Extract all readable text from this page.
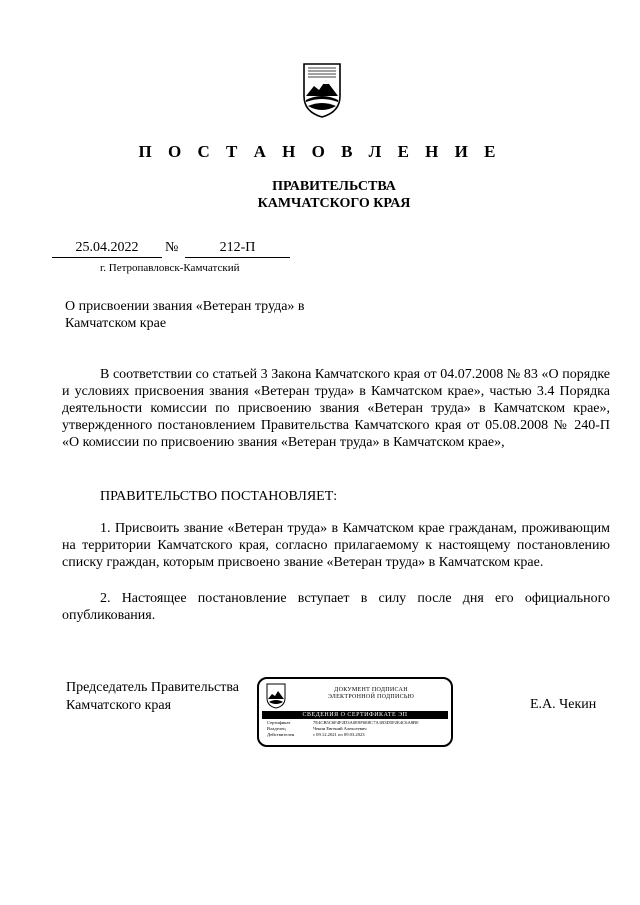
П О С Т А Н О В Л Е Н И Е
ПРАВИТЕЛЬСТВА
КАМЧАТСКОГО КРАЯ
25.04.2022	№	212-П
г. Петропавловск-Камчатский
О присвоении звания «Ветеран труда» в Камчатском крае
В соответствии со статьей 3 Закона Камчатского края от 04.07.2008 № 83 «О порядке и условиях присвоения звания «Ветеран труда» в Камчатском крае», частью 3.4 Порядка деятельности комиссии по присвоению звания «Ветеран труда» в Камчатском крае», утвержденного постановлением Правительства Камчатского края от 05.08.2008 № 240-П «О комиссии по присвоению звания «Ветеран труда» в Камчатском крае»,
ПРАВИТЕЛЬСТВО ПОСТАНОВЛЯЕТ:
1. Присвоить звание «Ветеран труда» в Камчатском крае гражданам, проживающим на территории Камчатского края, согласно прилагаемому к настоящему постановлению списку граждан, которым присвоено звание «Ветеран труда» в Камчатском крае.
2. Настоящее постановление вступает в силу после дня его официального опубликования.
Председатель Правительства
Камчатского края
ДОКУМЕНТ ПОДПИСАН
ЭЛЕКТРОННОЙ ПОДПИСЬЮ
СВЕДЕНИЯ О СЕРТИФИКАТЕ ЭП
Сертификат	7E4CB5C6F4F2D3A0E9F6E8C7A1B3D5F2E4C6A8B0
Владелец	Чекин Евгений Алексеевич
Действителен	с 09.12.2021 по 09.03.2023
Е.А. Чекин
